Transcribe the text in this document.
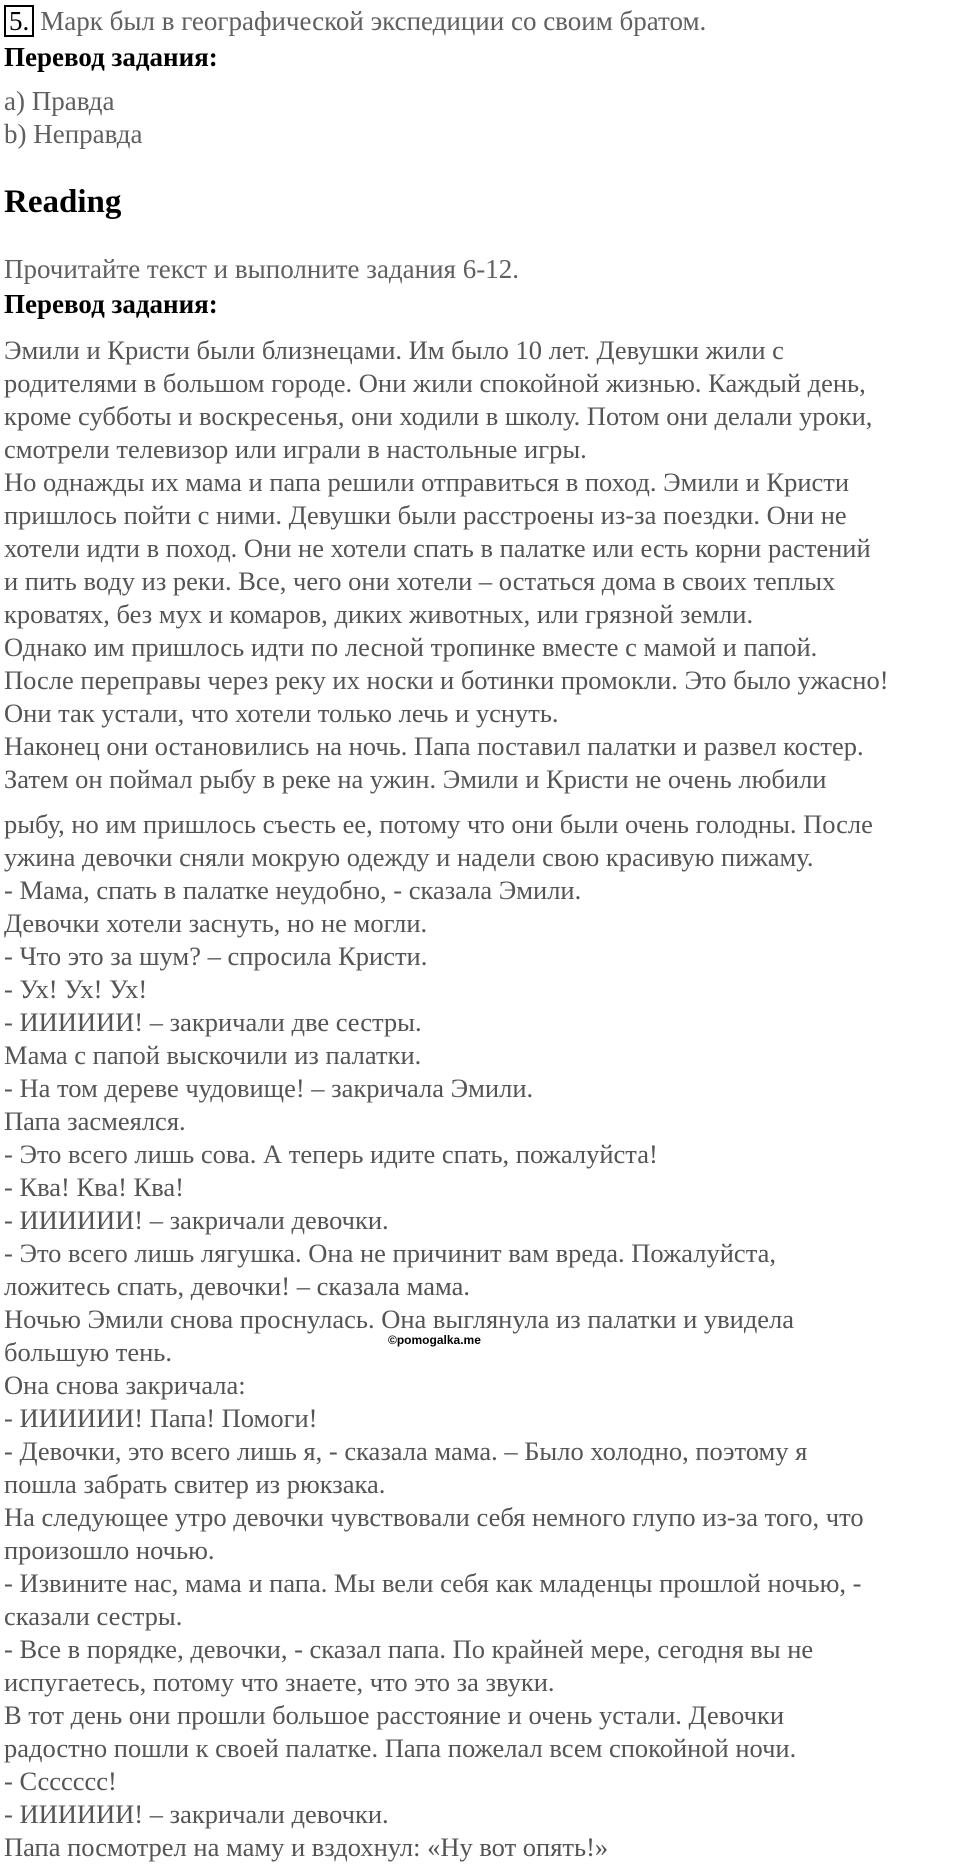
5. Марк был в географической экспедиции со своим братом.
Перевод задания:
a) Правда
b) Неправда
Reading
Прочитайте текст и выполните задания 6-12.
Перевод задания:
Эмили и Кристи были близнецами. Им было 10 лет. Девушки жили с
родителями в большом городе. Они жили спокойной жизнью. Каждый день,
кроме субботы и воскресенья, они ходили в школу. Потом они делали уроки,
смотрели телевизор или играли в настольные игры.
Но однажды их мама и папа решили отправиться в поход. Эмили и Кристи
пришлось пойти с ними. Девушки были расстроены из-за поездки. Они не
хотели идти в поход. Они не хотели спать в палатке или есть корни растений
и пить воду из реки. Все, чего они хотели – остаться дома в своих теплых
кроватях, без мух и комаров, диких животных, или грязной земли.
Однако им пришлось идти по лесной тропинке вместе с мамой и папой.
После переправы через реку их носки и ботинки промокли. Это было ужасно!
Они так устали, что хотели только лечь и уснуть.
Наконец они остановились на ночь. Папа поставил палатки и развел костер.
Затем он поймал рыбу в реке на ужин. Эмили и Кристи не очень любили
рыбу, но им пришлось съесть ее, потому что они были очень голодны. После
ужина девочки сняли мокрую одежду и надели свою красивую пижаму.
- Мама, спать в палатке неудобно, - сказала Эмили.
Девочки хотели заснуть, но не могли.
- Что это за шум? – спросила Кристи.
- Ух! Ух! Ух!
- ИИИИИИ! – закричали две сестры.
Мама с папой выскочили из палатки.
- На том дереве чудовище! – закричала Эмили.
Папа засмеялся.
- Это всего лишь сова. А теперь идите спать, пожалуйста!
- Ква! Ква! Ква!
- ИИИИИИ! – закричали девочки.
- Это всего лишь лягушка. Она не причинит вам вреда. Пожалуйста,
ложитесь спать, девочки! – сказала мама.
Ночью Эмили снова проснулась. Она выглянула из палатки и увидела
большую тень.
Она снова закричала:
- ИИИИИИ! Папа! Помоги!
- Девочки, это всего лишь я, - сказала мама. – Было холодно, поэтому я
пошла забрать свитер из рюкзака.
На следующее утро девочки чувствовали себя немного глупо из-за того, что
произошло ночью.
- Извините нас, мама и папа. Мы вели себя как младенцы прошлой ночью, -
сказали сестры.
- Все в порядке, девочки, - сказал папа. По крайней мере, сегодня вы не
испугаетесь, потому что знаете, что это за звуки.
В тот день они прошли большое расстояние и очень устали. Девочки
радостно пошли к своей палатке. Папа пожелал всем спокойной ночи.
- Ссссссс!
- ИИИИИИ! – закричали девочки.
Папа посмотрел на маму и вздохнул: «Ну вот опять!»
©pomogalka.me
